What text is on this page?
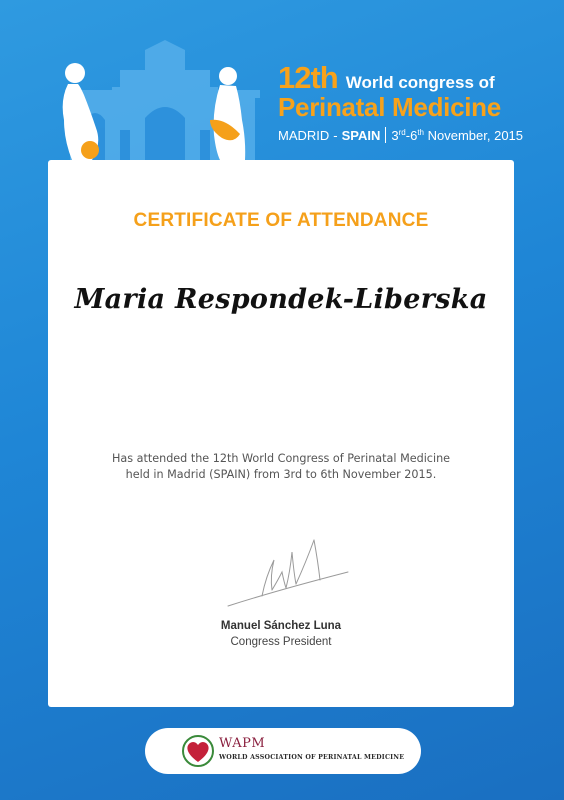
12th World congress of
Perinatal Medicine
MADRID - SPAIN 3rd-6th November, 2015
CERTIFICATE OF ATTENDANCE
Maria Respondek-Liberska
Has attended the 12th World Congress of Perinatal Medicine
held in Madrid (SPAIN) from 3rd to 6th November 2015.
Manuel Sánchez Luna
Congress President
WAPM
WORLD ASSOCIATION OF PERINATAL MEDICINE
